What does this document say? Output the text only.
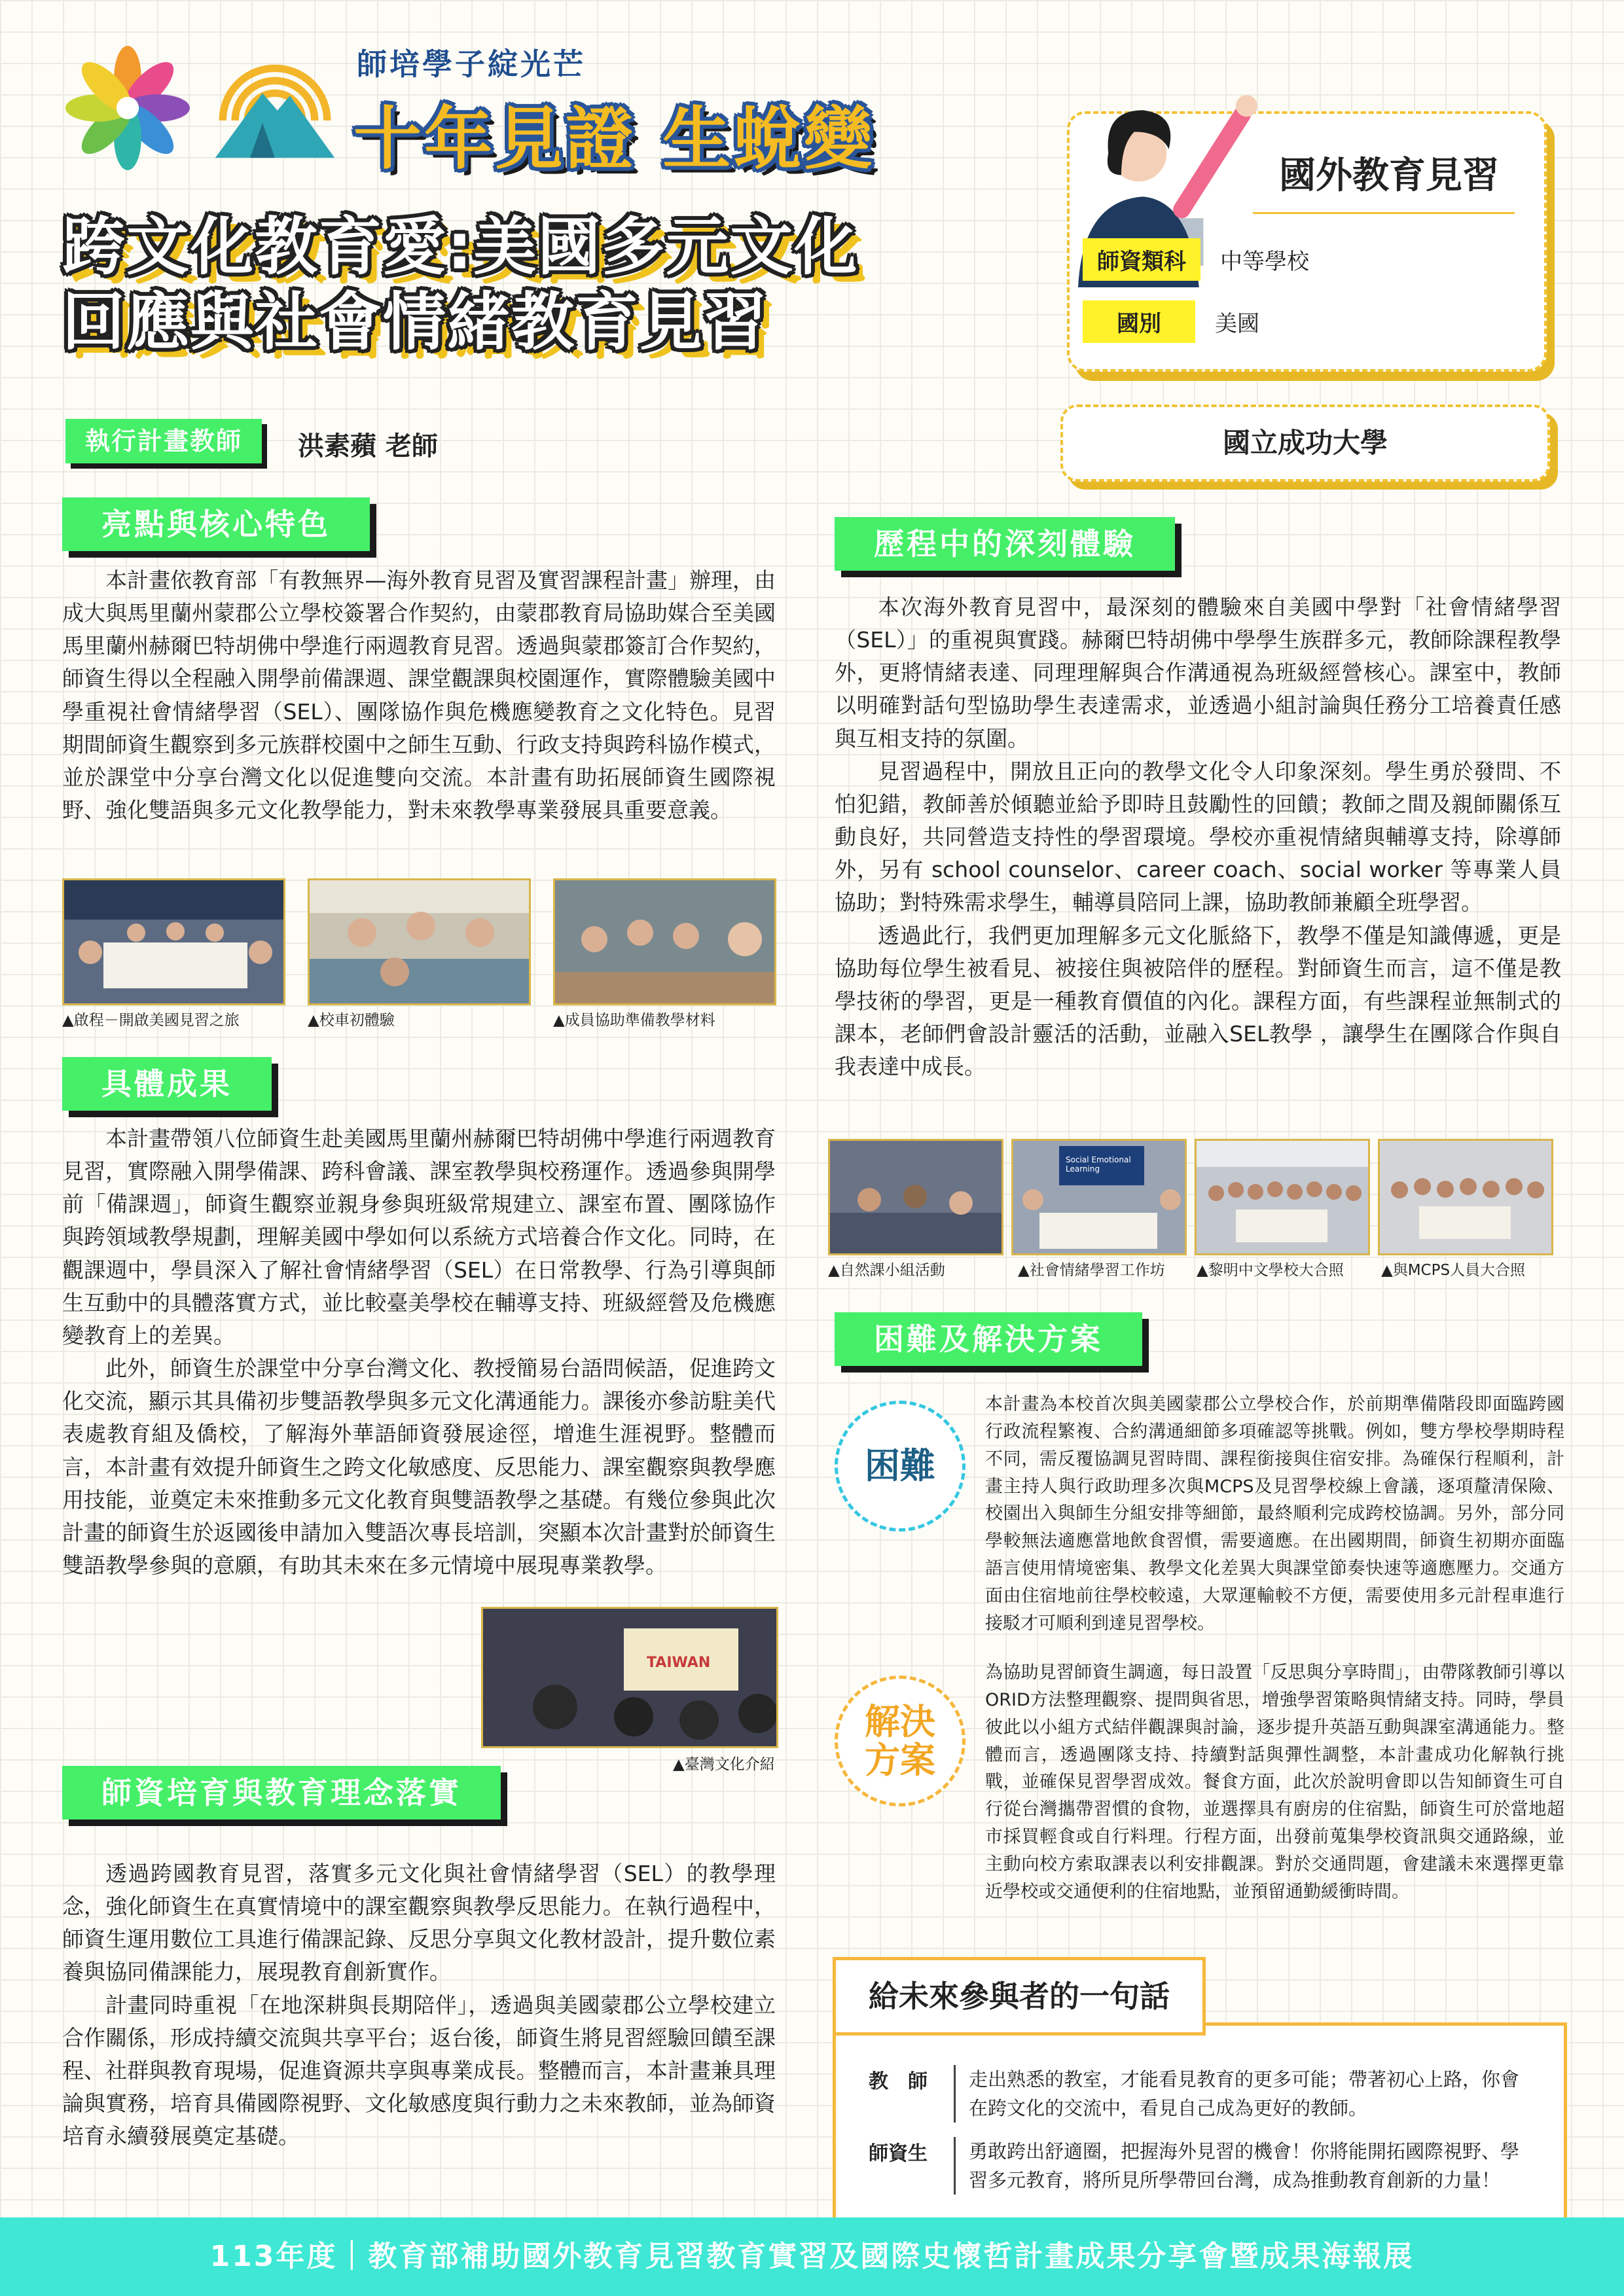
師培學子綻光芒
十年見證 生蛻變
跨文化教育愛:美國多元文化
回應與社會情緒教育見習
國外教育見習
師資類科	中等學校
國別	美國
國立成功大學
執行計畫教師	洪素蘋 老師
亮點與核心特色

本計畫依教育部「有教無界—海外教育見習及實習課程計畫」辦理，由成大與馬里蘭州蒙郡公立學校簽署合作契約，由蒙郡教育局協助媒合至美國馬里蘭州赫爾巴特胡佛中學進行兩週教育見習。透過與蒙郡簽訂合作契約，師資生得以全程融入開學前備課週、課堂觀課與校園運作，實際體驗美國中學重視社會情緒學習（SEL）、團隊協作與危機應變教育之文化特色。見習期間師資生觀察到多元族群校園中之師生互動、行政支持與跨科協作模式，並於課堂中分享台灣文化以促進雙向交流。本計畫有助拓展師資生國際視野、強化雙語與多元文化教學能力，對未來教學專業發展具重要意義。

▲啟程－開啟美國見習之旅	▲校車初體驗	▲成員協助準備教學材料
具體成果

本計畫帶領八位師資生赴美國馬里蘭州赫爾巴特胡佛中學進行兩週教育見習，實際融入開學備課、跨科會議、課室教學與校務運作。透過參與開學前「備課週」，師資生觀察並親身參與班級常規建立、課室布置、團隊協作與跨領域教學規劃，理解美國中學如何以系統方式培養合作文化。同時，在觀課週中，學員深入了解社會情緒學習（SEL）在日常教學、行為引導與師生互動中的具體落實方式，並比較臺美學校在輔導支持、班級經營及危機應變教育上的差異。

此外，師資生於課堂中分享台灣文化、教授簡易台語問候語，促進跨文化交流，顯示其具備初步雙語教學與多元文化溝通能力。課後亦參訪駐美代表處教育組及僑校，了解海外華語師資發展途徑，增進生涯視野。整體而言，本計畫有效提升師資生之跨文化敏感度、反思能力、課室觀察與教學應用技能，並奠定未來推動多元文化教育與雙語教學之基礎。有幾位參與此次計畫的師資生於返國後申請加入雙語次專長培訓，突顯本次計畫對於師資生雙語教學參與的意願，有助其未來在多元情境中展現專業教學。

TAIWAN
▲臺灣文化介紹
師資培育與教育理念落實

透過跨國教育見習，落實多元文化與社會情緒學習（SEL）的教學理念，強化師資生在真實情境中的課室觀察與教學反思能力。在執行過程中，師資生運用數位工具進行備課記錄、反思分享與文化教材設計，提升數位素養與協同備課能力，展現教育創新實作。

計畫同時重視「在地深耕與長期陪伴」，透過與美國蒙郡公立學校建立合作關係，形成持續交流與共享平台；返台後，師資生將見習經驗回饋至課程、社群與教育現場，促進資源共享與專業成長。整體而言，本計畫兼具理論與實務，培育具備國際視野、文化敏感度與行動力之未來教師，並為師資培育永續發展奠定基礎。

歷程中的深刻體驗

本次海外教育見習中，最深刻的體驗來自美國中學對「社會情緒學習（SEL）」的重視與實踐。赫爾巴特胡佛中學學生族群多元，教師除課程教學外，更將情緒表達、同理理解與合作溝通視為班級經營核心。課室中，教師以明確對話句型協助學生表達需求，並透過小組討論與任務分工培養責任感與互相支持的氛圍。

見習過程中，開放且正向的教學文化令人印象深刻。學生勇於發問、不怕犯錯，教師善於傾聽並給予即時且鼓勵性的回饋；教師之間及親師關係互動良好，共同營造支持性的學習環境。學校亦重視情緒與輔導支持，除導師外，另有 school counselor、career coach、social worker 等專業人員協助；對特殊需求學生，輔導員陪同上課，協助教師兼顧全班學習。

透過此行，我們更加理解多元文化脈絡下，教學不僅是知識傳遞，更是協助每位學生被看見、被接住與被陪伴的歷程。對師資生而言，這不僅是教學技術的學習，更是一種教育價值的內化。課程方面，有些課程並無制式的課本，老師們會設計靈活的活動，並融入SEL教學 ，讓學生在團隊合作與自我表達中成長。

▲自然課小組活動
Social Emotional Learning
▲社會情緒學習工作坊 ▲黎明中文學校大合照 ▲與MCPS人員大合照
困難及解決方案
困難
本計畫為本校首次與美國蒙郡公立學校合作，於前期準備階段即面臨跨國行政流程繁複、合約溝通細節多項確認等挑戰。例如，雙方學校學期時程不同，需反覆協調見習時間、課程銜接與住宿安排。為確保行程順利，計畫主持人與行政助理多次與MCPS及見習學校線上會議，逐項釐清保險、校園出入與師生分組安排等細節，最終順利完成跨校協調。另外，部分同學較無法適應當地飲食習慣，需要適應。在出國期間，師資生初期亦面臨語言使用情境密集、教學文化差異大與課堂節奏快速等適應壓力。交通方面由住宿地前往學校較遠，大眾運輸較不方便，需要使用多元計程車進行接駁才可順利到達見習學校。
解決方案
為協助見習師資生調適，每日設置「反思與分享時間」，由帶隊教師引導以ORID方法整理觀察、提問與省思，增強學習策略與情緒支持。同時，學員彼此以小組方式結伴觀課與討論，逐步提升英語互動與課室溝通能力。整體而言，透過團隊支持、持續對話與彈性調整，本計畫成功化解執行挑戰，並確保見習學習成效。餐食方面，此次於說明會即以告知師資生可自行從台灣攜帶習慣的食物，並選擇具有廚房的住宿點，師資生可於當地超市採買輕食或自行料理。行程方面，出發前蒐集學校資訊與交通路線，並主動向校方索取課表以利安排觀課。對於交通問題，會建議未來選擇更靠近學校或交通便利的住宿地點，並預留通勤緩衝時間。
教　師	走出熟悉的教室，才能看見教育的更多可能；帶著初心上路，你會在跨文化的交流中，看見自己成為更好的教師。
師資生	勇敢跨出舒適圈，把握海外見習的機會！你將能開拓國際視野、學習多元教育，將所見所學帶回台灣，成為推動教育創新的力量！
給未來參與者的一句話
113年度｜教育部補助國外教育見習教育實習及國際史懷哲計畫成果分享會暨成果海報展
